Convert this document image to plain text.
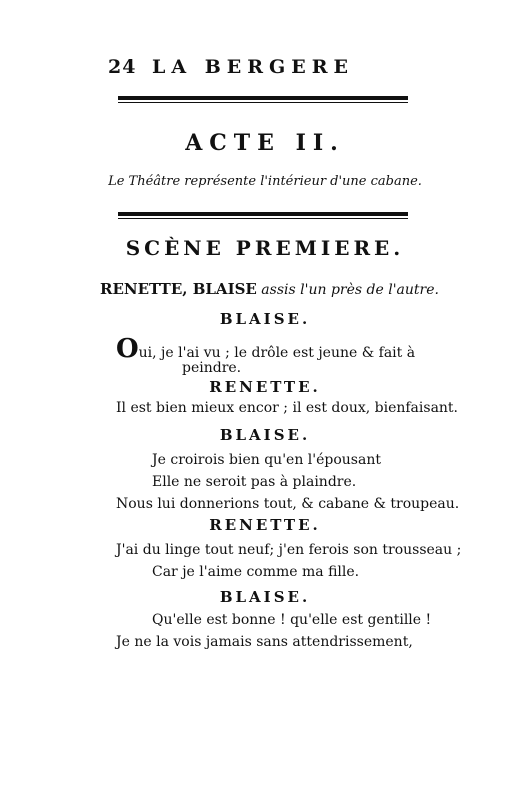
24 LA BERGERE
ACTE II.
Le Théâtre représente l'intérieur d'une cabane.
SCÈNE PREMIERE.
RENETTE, BLAISE assis l'un près de l'autre.
BLAISE.
Oui, je l'ai vu ; le drôle est jeune & fait à
peindre.
RENETTE.
Il est bien mieux encor ; il est doux, bienfaisant.
BLAISE.
Je croirois bien qu'en l'épousant
Elle ne seroit pas à plaindre.
Nous lui donnerions tout, & cabane & troupeau.
RENETTE.
J'ai du linge tout neuf; j'en ferois son trousseau ;
Car je l'aime comme ma fille.
BLAISE.
Qu'elle est bonne ! qu'elle est gentille !
Je ne la vois jamais sans attendrissement,
